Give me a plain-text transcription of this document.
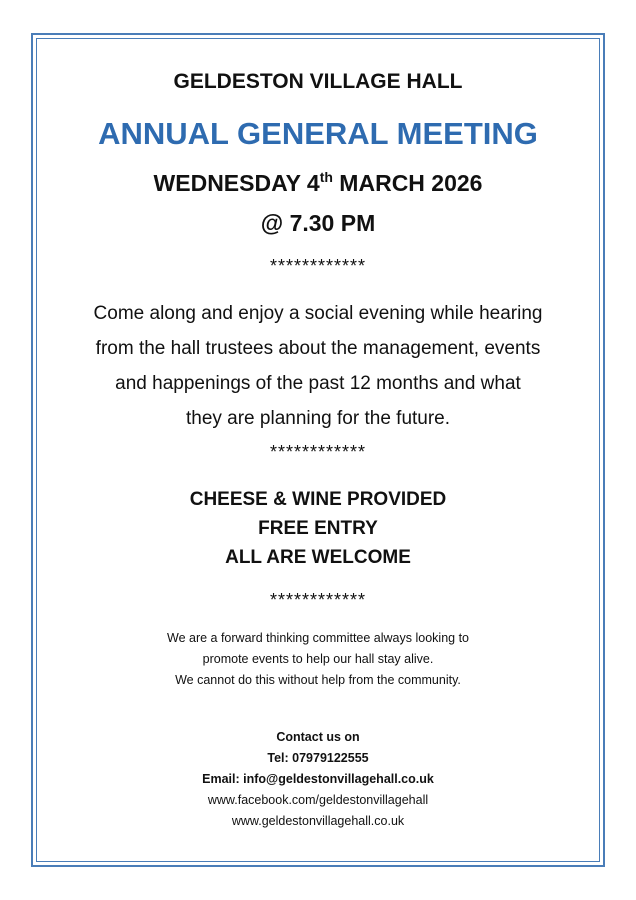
GELDESTON VILLAGE HALL
ANNUAL GENERAL MEETING
WEDNESDAY 4th MARCH 2026
@ 7.30 PM
************
Come along and enjoy a social evening while hearing
from the hall trustees about the management, events
and happenings of the past 12 months and what
they are planning for the future.
************
CHEESE & WINE PROVIDED
FREE ENTRY
ALL ARE WELCOME
************
We are a forward thinking committee always looking to
promote events to help our hall stay alive.
We cannot do this without help from the community.
Contact us on
Tel: 07979122555
Email: info@geldestonvillagehall.co.uk
www.facebook.com/geldestonvillagehall
www.geldestonvillagehall.co.uk
